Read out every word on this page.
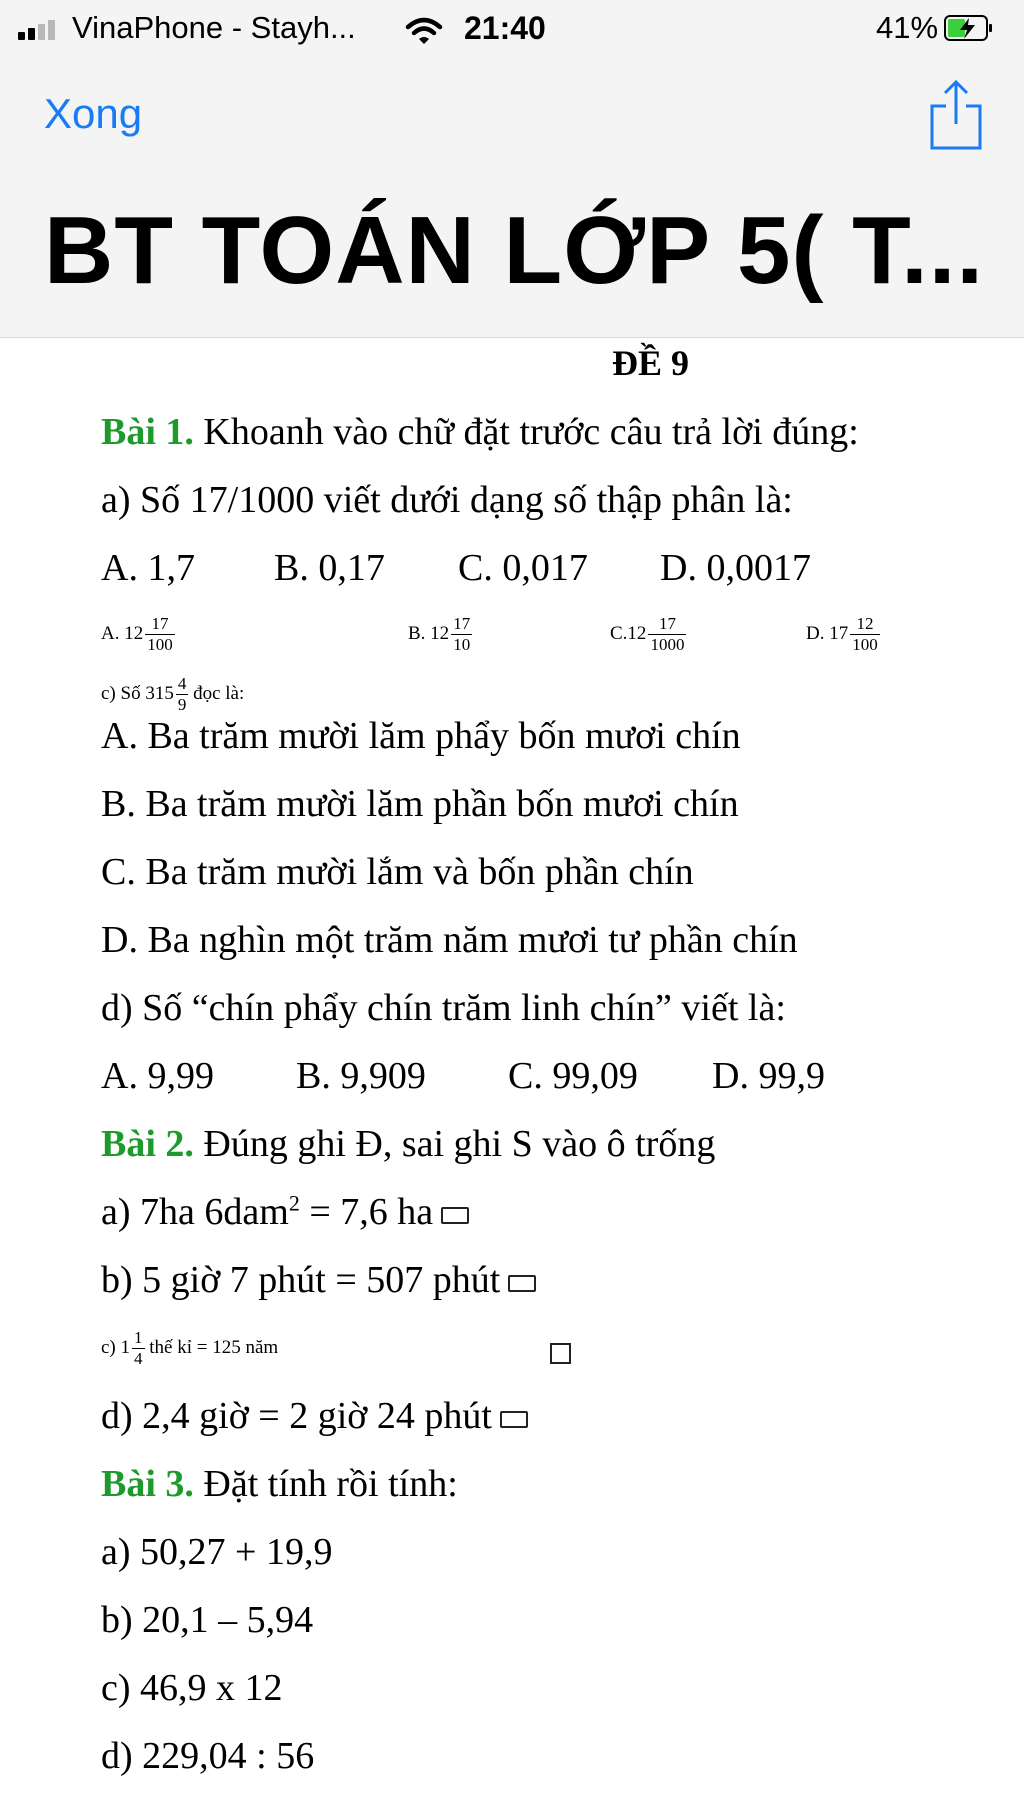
VinaPhone - Stayh...	21:40	41%
Xong
BT TOÁN LỚP 5( T...
ĐỀ 9
Bài 1. Khoanh vào chữ đặt trước câu trả lời đúng:
a) Số 17/1000 viết dưới dạng số thập phân là:
A. 1,7 B. 0,17 C. 0,017 D. 0,0017
A. $12 \frac{17}{100}$	B. $12 \frac{17}{10}$	$C.12 \frac{17}{1000}$	D. $17 \frac{12}{100}$
c) Số $315 \frac{4}{9}$ đọc là:
A. Ba trăm mười lăm phẩy bốn mươi chín
B. Ba trăm mười lăm phần bốn mươi chín
C. Ba trăm mười lắm và bốn phần chín
D. Ba nghìn một trăm năm mươi tư phần chín
d) Số “chín phẩy chín trăm linh chín” viết là:
A. 9,99 B. 9,909 C. 99,09 D. 99,9
Bài 2. Đúng ghi Đ, sai ghi S vào ô trống
a) 7ha 6dam$^2$ = 7,6 ha
b) 5 giờ 7 phút = 507 phút
c) $1 \frac{1}{4}$ thế kỉ = 125 năm
d) 2,4 giờ = 2 giờ 24 phút
Bài 3. Đặt tính rồi tính:
a) 50,27 + 19,9
b) 20,1 – 5,94
c) 46,9 x 12
d) 229,04 : 56
